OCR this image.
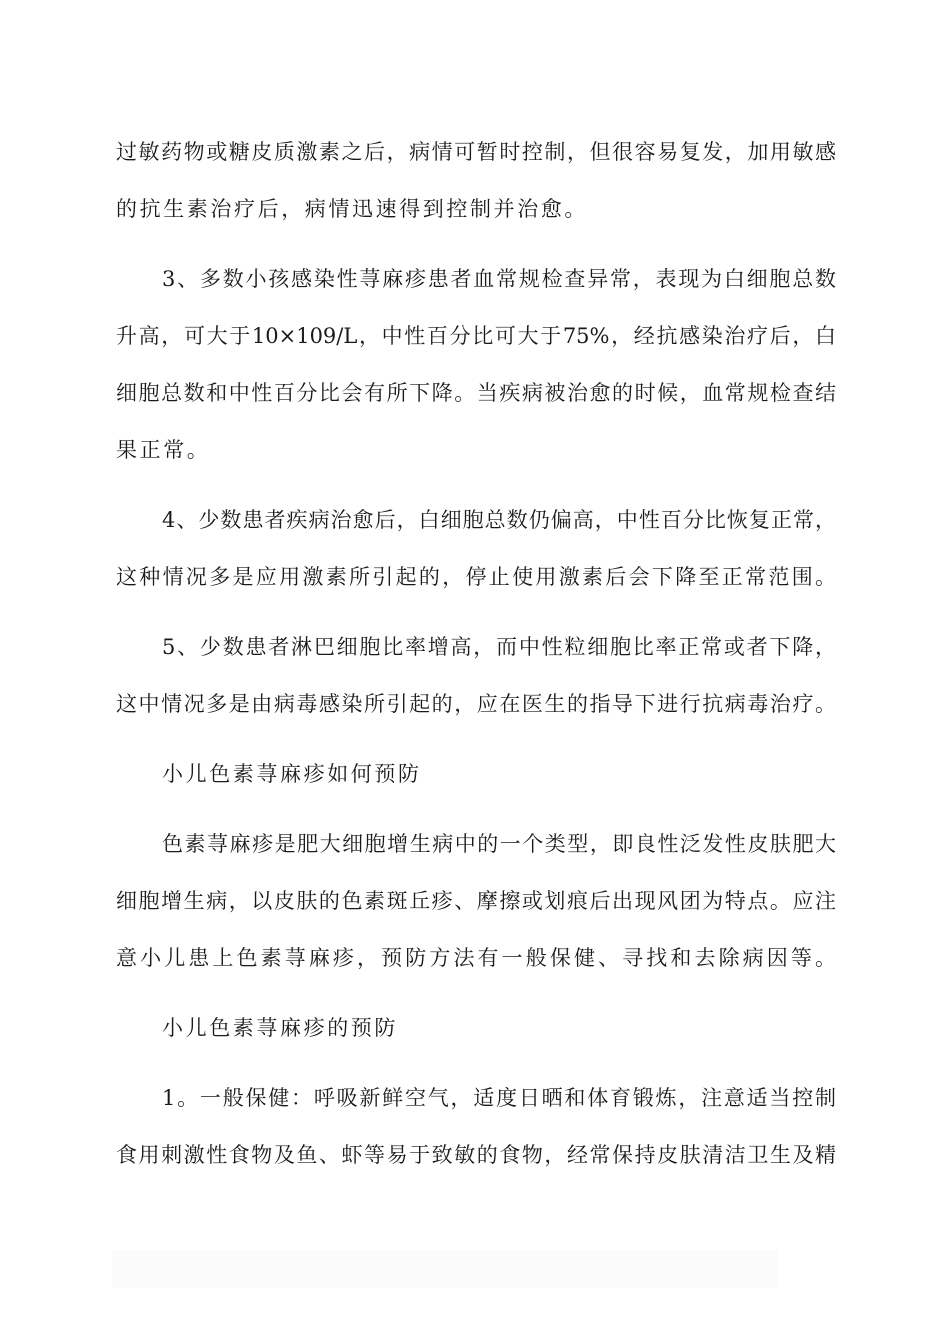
过敏药物或糖皮质激素之后，病情可暂时控制，但很容易复发，加用敏感
的抗生素治疗后，病情迅速得到控制并治愈。
3、多数小孩感染性荨麻疹患者血常规检查异常，表现为白细胞总数
升高，可大于10×109/L，中性百分比可大于75%，经抗感染治疗后，白
细胞总数和中性百分比会有所下降。当疾病被治愈的时候，血常规检查结
果正常。
4、少数患者疾病治愈后，白细胞总数仍偏高，中性百分比恢复正常，
这种情况多是应用激素所引起的，停止使用激素后会下降至正常范围。
5、少数患者淋巴细胞比率增高，而中性粒细胞比率正常或者下降，
这中情况多是由病毒感染所引起的，应在医生的指导下进行抗病毒治疗。
小儿色素荨麻疹如何预防
色素荨麻疹是肥大细胞增生病中的一个类型，即良性泛发性皮肤肥大
细胞增生病，以皮肤的色素斑丘疹、摩擦或划痕后出现风团为特点。应注
意小儿患上色素荨麻疹，预防方法有一般保健、寻找和去除病因等。
小儿色素荨麻疹的预防
1。一般保健：呼吸新鲜空气，适度日晒和体育锻炼，注意适当控制
食用刺激性食物及鱼、虾等易于致敏的食物，经常保持皮肤清洁卫生及精
